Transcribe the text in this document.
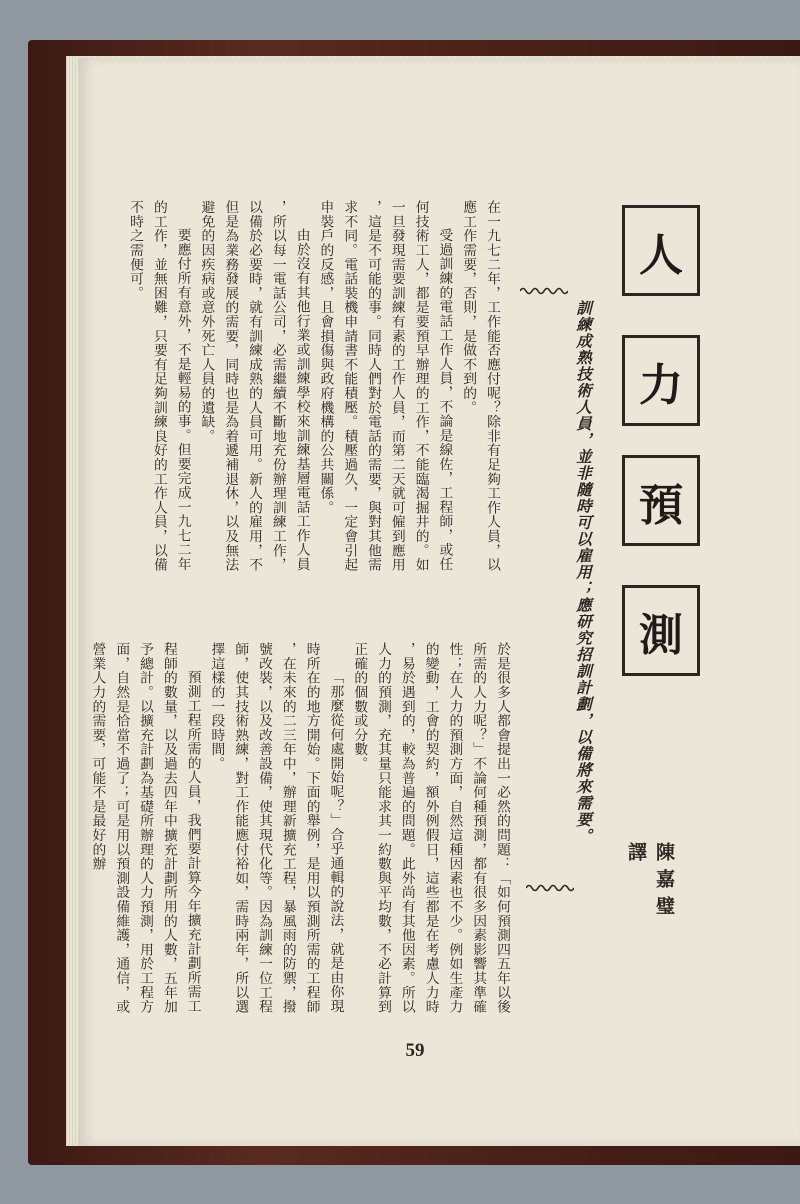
人
力
預
測
訓練成熟技術人員，並非隨時可以雇用；應研究招訓計劃，以備將來需要。
陳嘉璧 譯

在一九七二年，工作能否應付呢？除非有足夠工作人員，以應工作需要，否則，是做不到的。

受過訓練的電話工作人員，不論是線佐，工程師，或任何技術工人，都是要預早辦理的工作，不能臨渴掘井的。如一旦發現需要訓練有素的工作人員，而第二天就可僱到應用，這是不可能的事。同時人們對於電話的需要，與對其他需求不同。電話裝機申請書不能積壓。積壓過久，一定會引起申裝戶的反感，且會損傷與政府機構的公共關係。

由於沒有其他行業或訓練學校來訓練基層電話工作人員，所以每一電話公司，必需繼續不斷地充份辦理訓練工作，以備於必要時，就有訓練成熟的人員可用。新人的雇用，不但是為業務發展的需要，同時也是為着遞補退休，以及無法避免的因疾病或意外死亡人員的遺缺。

要應付所有意外，不是輕易的事。但要完成一九七二年的工作，並無困難，只要有足夠訓練良好的工作人員，以備不時之需便可。

於是很多人都會提出一必然的問題：「如何預測四五年以後所需的人力呢？」不論何種預測，都有很多因素影響其準確性；在人力的預測方面，自然這種因素也不少。例如生產力的變動，工會的契約，額外例假日，這些都是在考慮人力時，易於遇到的，較為普遍的問題。此外尚有其他因素。所以人力的預測，充其量只能求其一約數與平均數，不必計算到正確的個數或分數。

「那麼從何處開始呢？」合乎通輯的說法，就是由你現時所在的地方開始。下面的舉例，是用以預測所需的工程師，在未來的二三年中，辦理新擴充工程，暴風雨的防禦，撥號改裝，以及改善設備，使其現代化等。因為訓練一位工程師，使其技術熟練，對工作能應付裕如，需時兩年，所以選擇這樣的一段時間。

預測工程所需的人員，我們要計算今年擴充計劃所需工程師的數量，以及過去四年中擴充計劃所用的人數，五年加予總計。以擴充計劃為基礎所辦理的人力預測，用於工程方面，自然是恰當不過了；可是用以預測設備維護，通信，或營業人力的需要，可能不是最好的辦

59
